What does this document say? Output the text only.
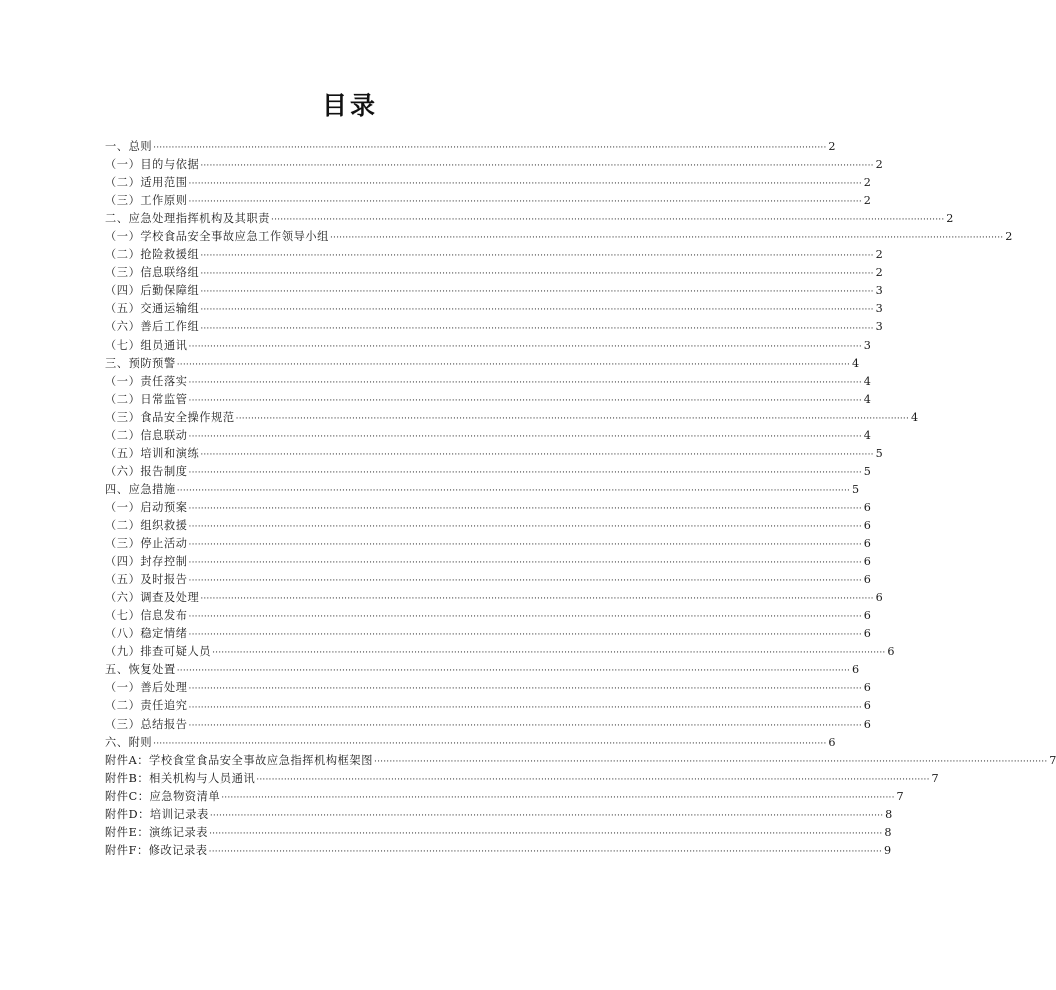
目录
一、总则 ···························································································································································································································· 2
（一）目的与依据 ···························································································································································································································· 2
（二）适用范围 ···························································································································································································································· 2
（三）工作原则 ···························································································································································································································· 2
二、应急处理指挥机构及其职责 ···························································································································································································································· 2
（一）学校食品安全事故应急工作领导小组 ···························································································································································································································· 2
（二）抢险救援组 ···························································································································································································································· 2
（三）信息联络组 ···························································································································································································································· 2
（四）后勤保障组 ···························································································································································································································· 3
（五）交通运输组 ···························································································································································································································· 3
（六）善后工作组 ···························································································································································································································· 3
（七）组员通讯 ···························································································································································································································· 3
三、预防预警 ···························································································································································································································· 4
（一）责任落实 ···························································································································································································································· 4
（二）日常监管 ···························································································································································································································· 4
（三）食品安全操作规范 ···························································································································································································································· 4
（二）信息联动 ···························································································································································································································· 4
（五）培训和演练 ···························································································································································································································· 5
（六）报告制度 ···························································································································································································································· 5
四、应急措施 ···························································································································································································································· 5
（一）启动预案 ···························································································································································································································· 6
（二）组织救援 ···························································································································································································································· 6
（三）停止活动 ···························································································································································································································· 6
（四）封存控制 ···························································································································································································································· 6
（五）及时报告 ···························································································································································································································· 6
（六）调查及处理 ···························································································································································································································· 6
（七）信息发布 ···························································································································································································································· 6
（八）稳定情绪 ···························································································································································································································· 6
（九）排查可疑人员 ···························································································································································································································· 6
五、恢复处置 ···························································································································································································································· 6
（一）善后处理 ···························································································································································································································· 6
（二）责任追究 ···························································································································································································································· 6
（三）总结报告 ···························································································································································································································· 6
六、附则 ···························································································································································································································· 6
附件A：学校食堂食品安全事故应急指挥机构框架图 ···························································································································································································································· 7
附件B：相关机构与人员通讯 ···························································································································································································································· 7
附件C：应急物资清单 ···························································································································································································································· 7
附件D：培训记录表 ···························································································································································································································· 8
附件E：演练记录表 ···························································································································································································································· 8
附件F：修改记录表 ···························································································································································································································· 9
